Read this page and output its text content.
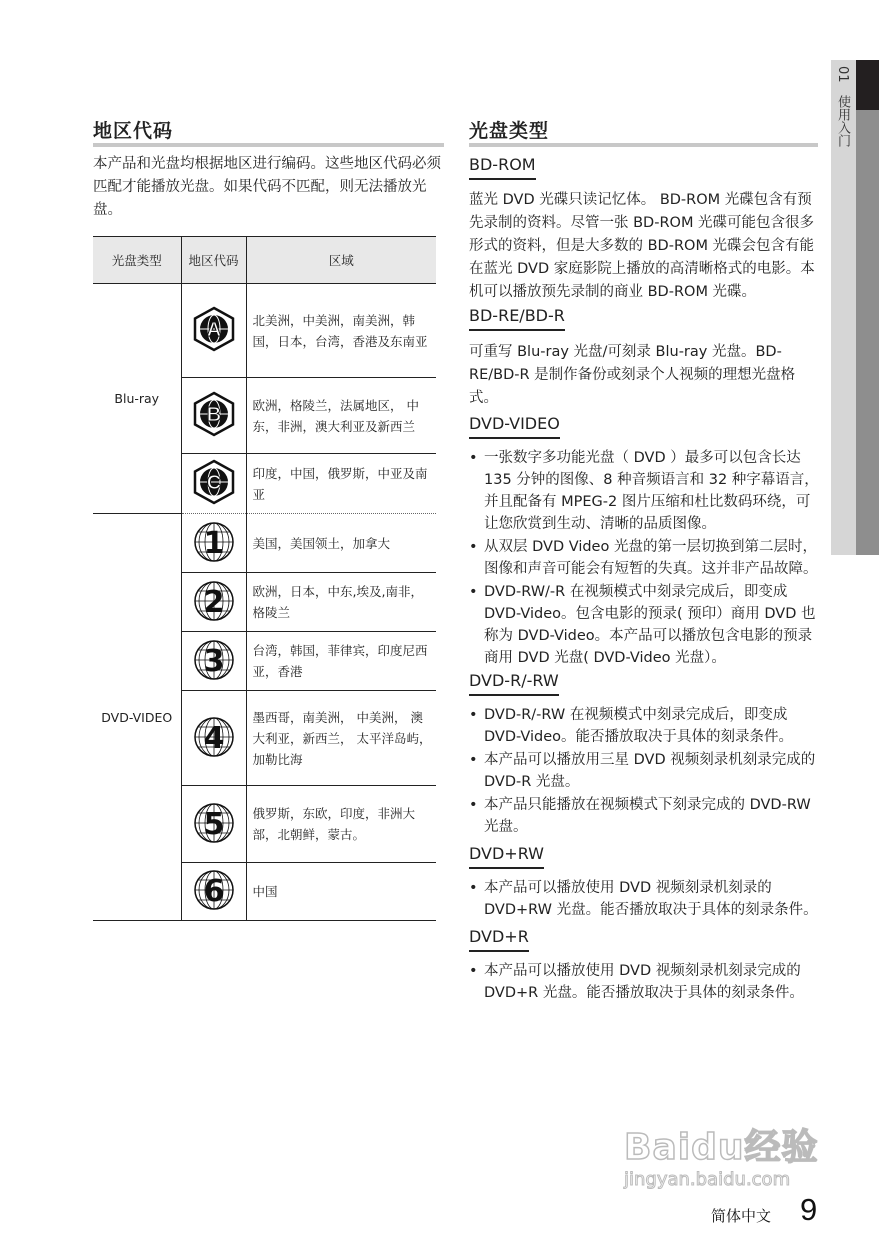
01   使用入门
地区代码
本产品和光盘均根据地区进行编码。这些地区代码必须匹配才能播放光盘。如果代码不匹配，则无法播放光盘。
光盘类型	地区代码	区域
Blu-ray	A	北美洲，中美洲，南美洲，韩国，日本，台湾，香港及东南亚

B	欧洲，格陵兰，法属地区， 中东，非洲，澳大利亚及新西兰

C	印度，中国，俄罗斯，中亚及南亚
DVD-VIDEO	1	美国，美国领土，加拿大

2	欧洲，日本，中东,埃及,南非，格陵兰

3	台湾，韩国，菲律宾，印度尼西亚，香港

4	墨西哥，南美洲， 中美洲， 澳大利亚，新西兰， 太平洋岛屿， 加勒比海

5	俄罗斯，东欧，印度，非洲大部，北朝鲜，蒙古。

6	中国
光盘类型
BD-ROM
蓝光 DVD 光碟只读记忆体。 BD-ROM 光碟包含有预先录制的资料。尽管一张 BD-ROM 光碟可能包含很多形式的资料，但是大多数的 BD-ROM 光碟会包含有能在蓝光 DVD 家庭影院上播放的高清晰格式的电影。本机可以播放预先录制的商业 BD-ROM 光碟。
BD-RE/BD-R
可重写 Blu-ray 光盘/可刻录 Blu-ray 光盘。BD-RE/BD-R 是制作备份或刻录个人视频的理想光盘格式。
DVD-VIDEO
• 一张数字多功能光盘（ DVD ）最多可以包含长达 135 分钟的图像、8 种音频语言和 32 种字幕语言，并且配备有 MPEG-2 图片压缩和杜比数码环绕，可让您欣赏到生动、清晰的品质图像。
• 从双层 DVD Video 光盘的第一层切换到第二层时，图像和声音可能会有短暂的失真。这并非产品故障。
• DVD-RW/-R 在视频模式中刻录完成后，即变成 DVD-Video。包含电影的预录( 预印）商用 DVD 也称为 DVD-Video。本产品可以播放包含电影的预录商用 DVD 光盘( DVD-Video 光盘）。
DVD-R/-RW
• DVD-R/-RW 在视频模式中刻录完成后，即变成 DVD-Video。能否播放取决于具体的刻录条件。
• 本产品可以播放用三星 DVD 视频刻录机刻录完成的 DVD-R 光盘。
• 本产品只能播放在视频模式下刻录完成的 DVD-RW 光盘。
DVD+RW
• 本产品可以播放使用 DVD 视频刻录机刻录的 DVD+RW 光盘。能否播放取决于具体的刻录条件。
DVD+R
• 本产品可以播放使用 DVD 视频刻录机刻录完成的 DVD+R 光盘。能否播放取决于具体的刻录条件。
Baidu经验
jingyan.baidu.com
简体中文 9
